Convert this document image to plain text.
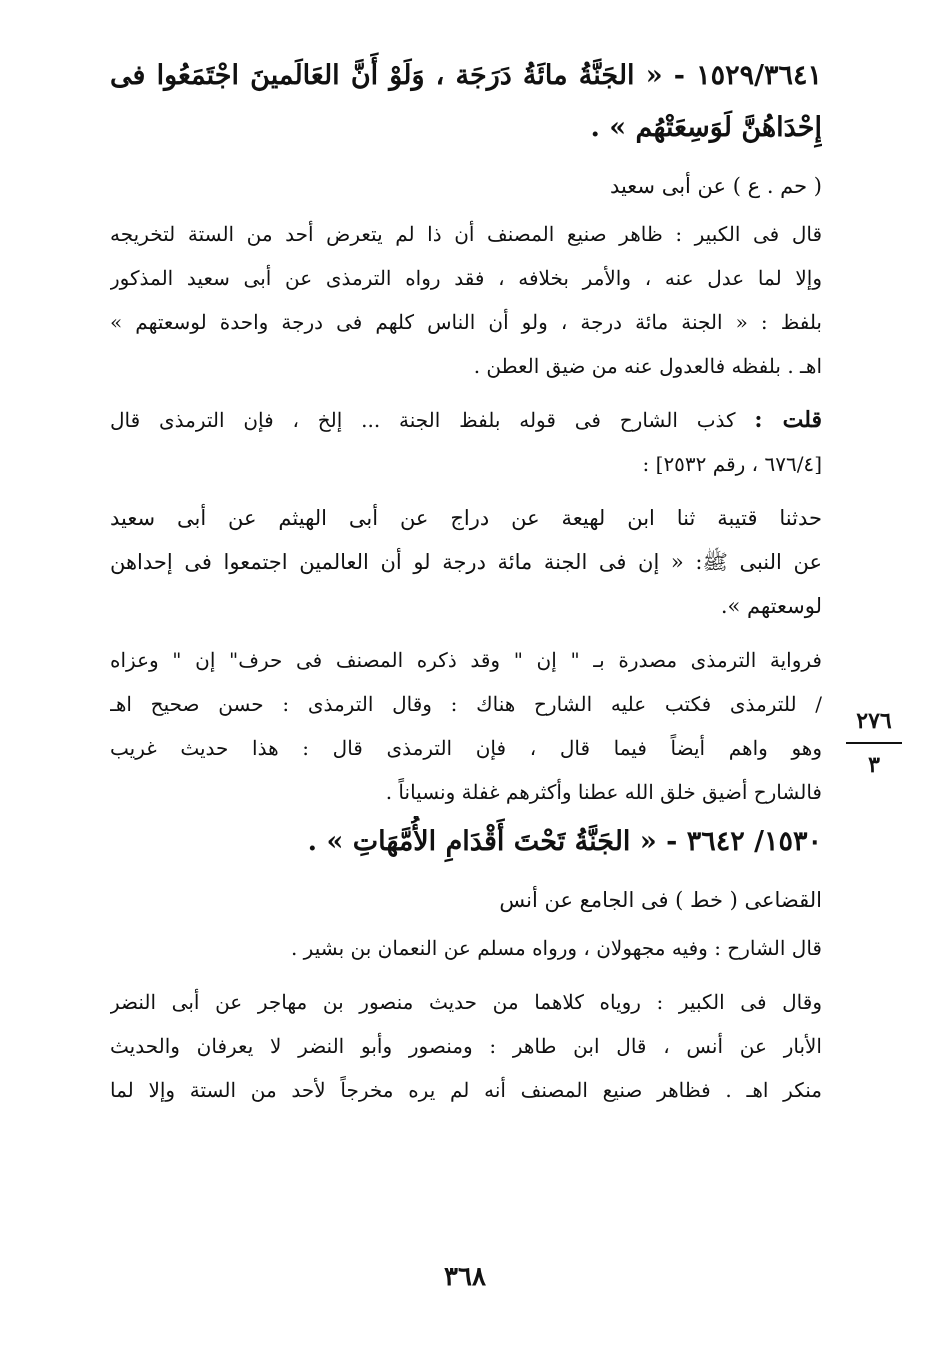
١٥٢٩/٣٦٤١ - « الجَنَّةُ مائَةُ دَرَجَة ، وَلَوْ أَنَّ العَالَمينَ اجْتَمَعُوا فى
إِحْدَاهُنَّ لَوَسِعَتْهُم » .
( حم . ع ) عن أبى سعيد
قال فى الكبير : ظاهر صنيع المصنف أن ذا لم يتعرض أحد من الستة لتخريجه
وإلا لما عدل عنه ، والأمر بخلافه ، فقد رواه الترمذى عن أبى سعيد المذكور
بلفظ : « الجنة مائة درجة ، ولو أن الناس كلهم فى درجة واحدة لوسعتهم »
اهـ . بلفظه فالعدول عنه من ضيق العطن .
قلت : كذب الشارح فى قوله بلفظ الجنة ... إلخ ، فإن الترمذى قال
[٦٧٦/٤ ، رقم ٢٥٣٢] :
حدثنا قتيبة ثنا ابن لهيعة عن دراج عن أبى الهيثم عن أبى سعيد
عن النبى ﷺ: « إن فى الجنة مائة درجة لو أن العالمين اجتمعوا فى إحداهن
لوسعتهم ».
فرواية الترمذى مصدرة بـ " إن " وقد ذكره المصنف فى حرف" إن " وعزاه
/ للترمذى فكتب عليه الشارح هناك : وقال الترمذى : حسن صحيح اهـ
وهو واهم أيضاً فيما قال ، فإن الترمذى قال : هذا حديث غريب
فالشارح أضيق خلق الله عطنا وأكثرهم غفلة ونسياناً .
١٥٣٠/ ٣٦٤٢ - « الجَنَّةُ تَحْتَ أَقْدَامِ الأُمَّهَاتِ » .
القضاعى ( خط ) فى الجامع عن أنس
قال الشارح : وفيه مجهولان ، ورواه مسلم عن النعمان بن بشير .
وقال فى الكبير : روياه كلاهما من حديث منصور بن مهاجر عن أبى النضر
الأبار عن أنس ، قال ابن طاهر : ومنصور وأبو النضر لا يعرفان والحديث
منكر اهـ . فظاهر صنيع المصنف أنه لم يره مخرجاً لأحد من الستة وإلا لما
٢٧٦
٣
٣٦٨
